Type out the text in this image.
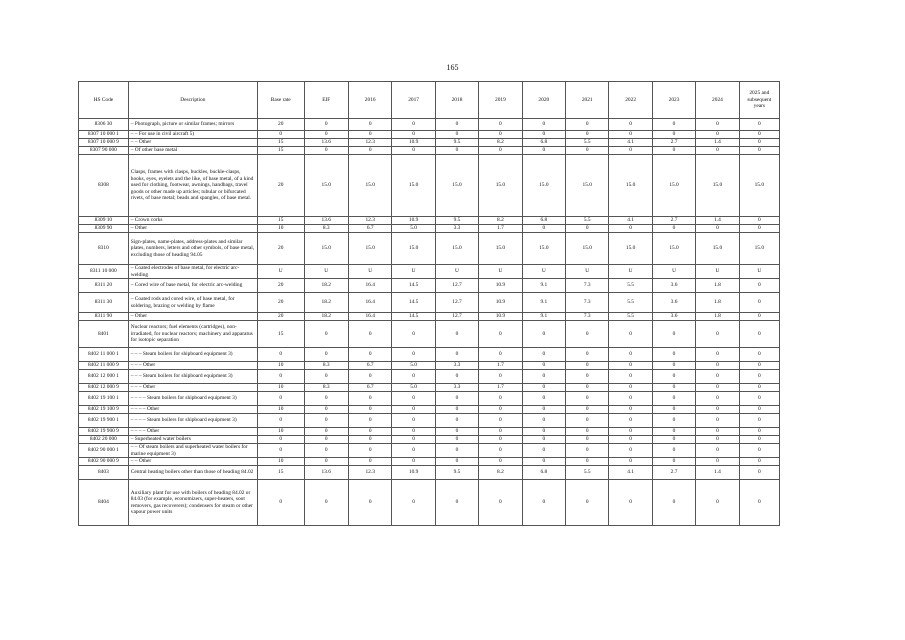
165
HS Code	Description	Base rate	EIF	2016	2017	2018	2019	2020	2021	2022	2023	2024	2025 and subsequent years
8306 30	– Photograph, picture or similar frames; mirrors	20	0	0	0	0	0	0	0	0	0	0	0
8307 10 000 1	– – For use in civil aircraft 5)	0	0	0	0	0	0	0	0	0	0	0	0
8307 10 000 9	– – Other	15	13.6	12.3	10.9	9.5	8.2	6.8	5.5	4.1	2.7	1.4	0
8307 90 000	– Of other base metal	15	0	0	0	0	0	0	0	0	0	0	0
8308	Clasps, frames with clasps, buckles, buckle-clasps, hooks, eyes, eyelets and the like, of base metal, of a kind used for clothing, footwear, awnings, handbags, travel goods or other made up articles; tubular or bifurcated rivets, of base metal; beads and spangles, of base metal.	20	15.0	15.0	15.0	15.0	15.0	15.0	15.0	15.0	15.0	15.0	15.0
8309 10	– Crown corks	15	13.6	12.3	10.9	9.5	8.2	6.8	5.5	4.1	2.7	1.4	0
8309 90	– Other	10	8.3	6.7	5.0	3.3	1.7	0	0	0	0	0	0
8310	Sign-plates, name-plates, address-plates and similar plates, numbers, letters and other symbols, of base metal, excluding those of heading 94.05	20	15.0	15.0	15.0	15.0	15.0	15.0	15.0	15.0	15.0	15.0	15.0
8311 10 000	– Coated electrodes of base metal, for electric arc-welding	U	U	U	U	U	U	U	U	U	U	U	U
8311 20	– Cored wire of base metal, for electric arc-welding	20	18.2	16.4	14.5	12.7	10.9	9.1	7.3	5.5	3.6	1.8	0
8311 30	– Coated rods and cored wire, of base metal, for soldering, brazing or welding by flame	20	18.2	16.4	14.5	12.7	10.9	9.1	7.3	5.5	3.6	1.8	0
8311 90	– Other	20	18.2	16.4	14.5	12.7	10.9	9.1	7.3	5.5	3.6	1.8	0
8401	Nuclear reactors; fuel elements (cartridges), non-irradiated, for nuclear reactors; machinery and apparatus for isotopic separation	15	0	0	0	0	0	0	0	0	0	0	0
8402 11 000 1	– – – Steam boilers for shipboard equipment 3)	0	0	0	0	0	0	0	0	0	0	0	0
8402 11 000 9	– – – Other	10	8.3	6.7	5.0	3.3	1.7	0	0	0	0	0	0
8402 12 000 1	– – – Steam boilers for shipboard equipment 3)	0	0	0	0	0	0	0	0	0	0	0	0
8402 12 000 9	– – – Other	10	8.3	6.7	5.0	3.3	1.7	0	0	0	0	0	0
8402 19 100 1	– – – – Steam boilers for shipboard equipment 3)	0	0	0	0	0	0	0	0	0	0	0	0
8402 19 100 9	– – – – Other	10	0	0	0	0	0	0	0	0	0	0	0
8402 19 900 1	– – – – Steam boilers for shipboard equipment 3)	0	0	0	0	0	0	0	0	0	0	0	0
8402 19 900 9	– – – – Other	10	0	0	0	0	0	0	0	0	0	0	0
8402 20 000	– Superheated water boilers	0	0	0	0	0	0	0	0	0	0	0	0
8402 90 000 1	– – Of steam boilers and superheated water boilers for marine equipment 3)	0	0	0	0	0	0	0	0	0	0	0	0
8402 90 000 9	– – Other	10	0	0	0	0	0	0	0	0	0	0	0
8403	Central heating boilers other than those of heading 84.02	15	13.6	12.3	10.9	9.5	8.2	6.8	5.5	4.1	2.7	1.4	0
8404	Auxiliary plant for use with boilers of heading 84.02 or 84.03 (for example, economizers, super-heaters, soot removers, gas recoverers); condensers for steam or other vapour power units	0	0	0	0	0	0	0	0	0	0	0	0
